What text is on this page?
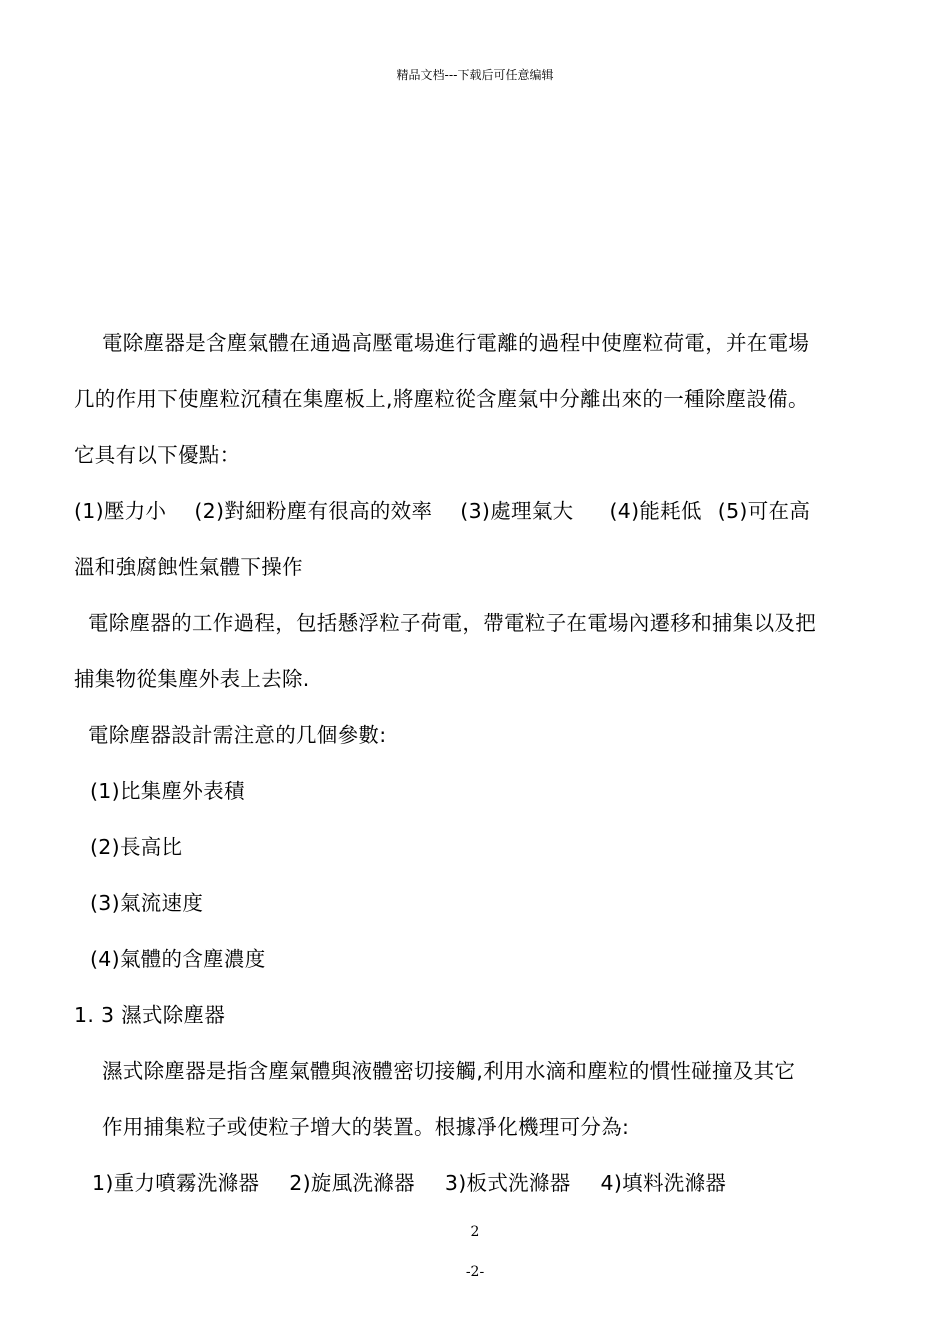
精品文档---下载后可任意编辑
電除塵器是含塵氣體在通過高壓電場進行電離的過程中使塵粒荷電，并在電場
几的作用下使塵粒沉積在集塵板上,將塵粒從含塵氣中分離出來的一種除塵設備。
它具有以下優點：
(1)壓力小 (2)對細粉塵有很高的效率 (3)處理氣大 (4)能耗低 (5)可在高
溫和強腐蝕性氣體下操作
電除塵器的工作過程，包括懸浮粒子荷電，帶電粒子在電場內遷移和捕集以及把
捕集物從集塵外表上去除.
電除塵器設計需注意的几個參數:
(1)比集塵外表積
(2)長高比
(3)氣流速度
(4)氣體的含塵濃度
1. 3 濕式除塵器
濕式除塵器是指含塵氣體與液體密切接觸,利用水滴和塵粒的慣性碰撞及其它
作用捕集粒子或使粒子增大的裝置。根據凈化機理可分為:
1)重力噴霧洗滌器 2)旋風洗滌器 3)板式洗滌器 4)填料洗滌器
2
-2-
